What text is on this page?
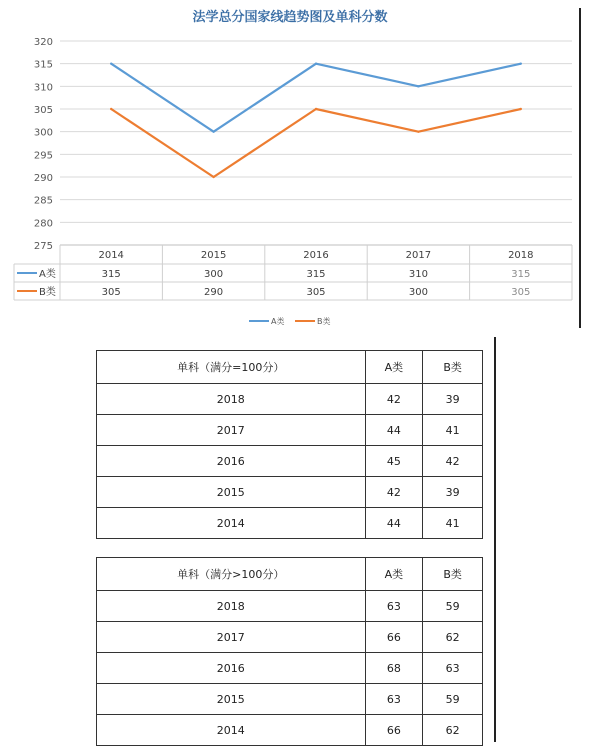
法学总分国家线趋势图及单科分数
320
315
310
305
300
295
290
285
280
275
2014	2015	2016	2017	2018
A类	315	300	315	310	315
B类	305	290	305	300	305
A类	B类
单科（满分=100分）	A类	B类
2018	42	39
2017	44	41
2016	45	42
2015	42	39
2014	44	41
单科（满分>100分）	A类	B类
2018	63	59
2017	66	62
2016	68	63
2015	63	59
2014	66	62
